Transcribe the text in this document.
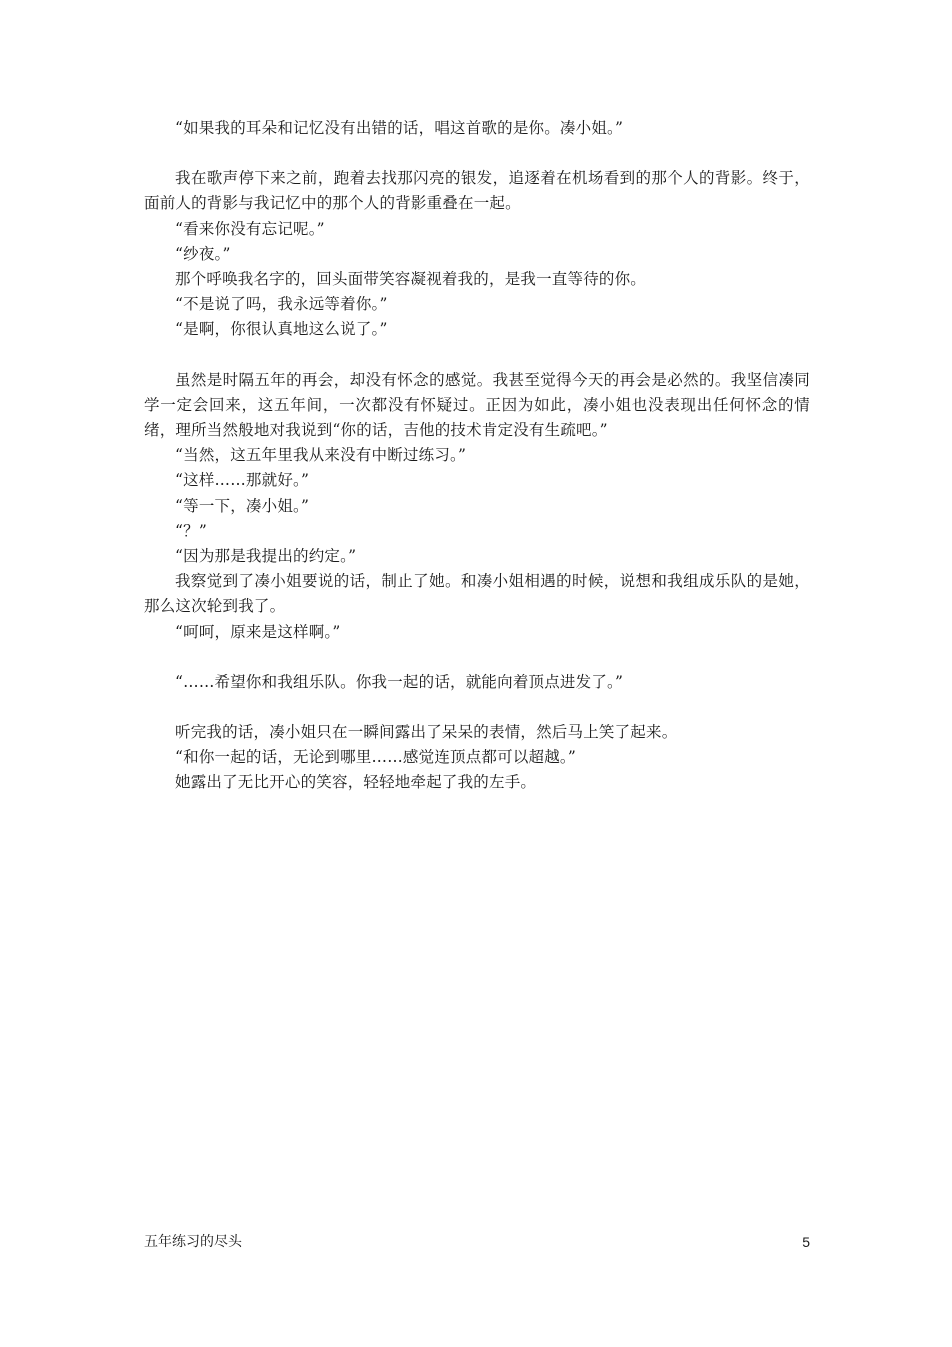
“如果我的耳朵和记忆没有出错的话，唱这首歌的是你。凑小姐。”

我在歌声停下来之前，跑着去找那闪亮的银发，追逐着在机场看到的那个人的背影。终于，面前人的背影与我记忆中的那个人的背影重叠在一起。

“看来你没有忘记呢。”

“纱夜。”

那个呼唤我名字的，回头面带笑容凝视着我的，是我一直等待的你。

“不是说了吗，我永远等着你。”

“是啊，你很认真地这么说了。”

虽然是时隔五年的再会，却没有怀念的感觉。我甚至觉得今天的再会是必然的。我坚信凑同学一定会回来，这五年间，一次都没有怀疑过。正因为如此，凑小姐也没表现出任何怀念的情绪，理所当然般地对我说到“你的话，吉他的技术肯定没有生疏吧。”

“当然，这五年里我从来没有中断过练习。”

“这样……那就好。”

“等一下，凑小姐。”

“？”

“因为那是我提出的约定。”

我察觉到了凑小姐要说的话，制止了她。和凑小姐相遇的时候，说想和我组成乐队的是她，那么这次轮到我了。

“呵呵，原来是这样啊。”

“……希望你和我组乐队。你我一起的话，就能向着顶点进发了。”

听完我的话，凑小姐只在一瞬间露出了呆呆的表情，然后马上笑了起来。

“和你一起的话，无论到哪里……感觉连顶点都可以超越。”

她露出了无比开心的笑容，轻轻地牵起了我的左手。

五年练习的尽头	5
